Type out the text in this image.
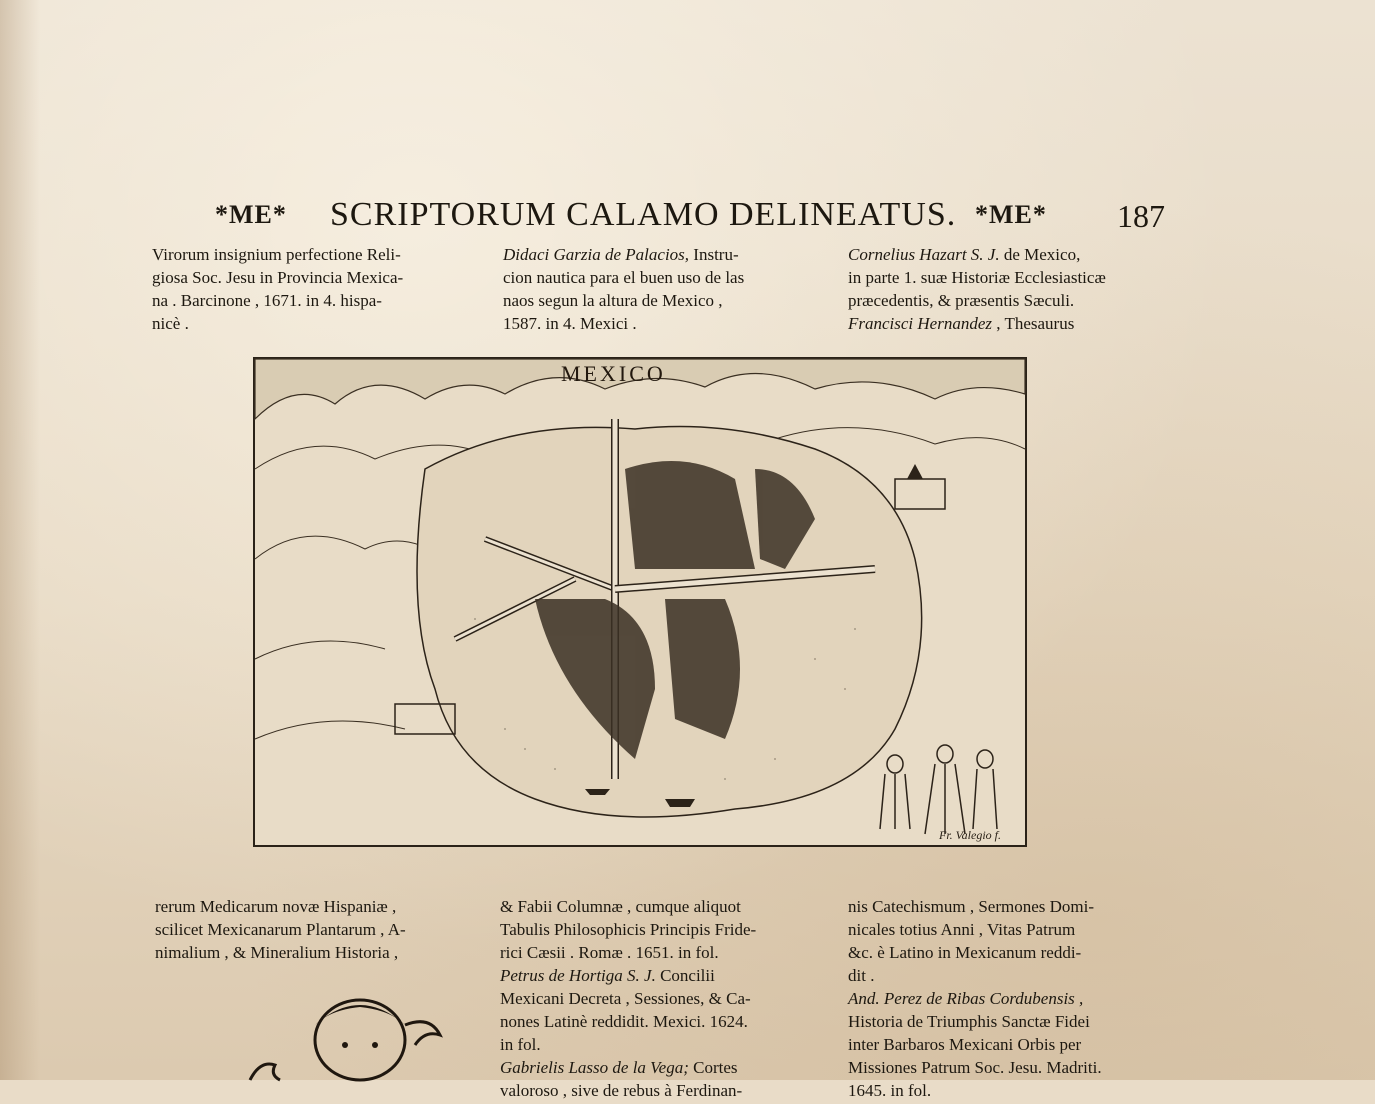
*ME* SCRIPTORUM CALAMO DELINEATUS. *ME* 187

Virorum insignium perfectione Reli-

giosa Soc. Jesu in Provincia Mexica-

na . Barcinone , 1671. in 4. hispa-

nicè .

Didaci Garzia de Palacios, Instru-

cion nautica para el buen uso de las

naos segun la altura de Mexico ,

1587. in 4. Mexici .

Cornelius Hazart S. J. de Mexico,

in parte 1. suæ Historiæ Ecclesiasticæ

præcedentis, & præsentis Sæculi.

Francisci Hernandez , Thesaurus

MEXICO
Fr. Valegio f.

rerum Medicarum novæ Hispaniæ ,

scilicet Mexicanarum Plantarum , A-

nimalium , & Mineralium Historia ,

& Fabii Columnæ , cumque aliquot

Tabulis Philosophicis Principis Fride-

rici Cæsii . Romæ . 1651. in fol.

Petrus de Hortiga S. J. Concilii

Mexicani Decreta , Sessiones, & Ca-

nones Latinè reddidit. Mexici. 1624.

in fol.

Gabrielis Lasso de la Vega; Cortes

valoroso , sive de rebus à Ferdinan-

nis Catechismum , Sermones Domi-

nicales totius Anni , Vitas Patrum

&c. è Latino in Mexicanum reddi-

dit .

And. Perez de Ribas Cordubensis ,

Historia de Triumphis Sanctæ Fidei

inter Barbaros Mexicani Orbis per

Missiones Patrum Soc. Jesu. Madriti.

1645. in fol.
